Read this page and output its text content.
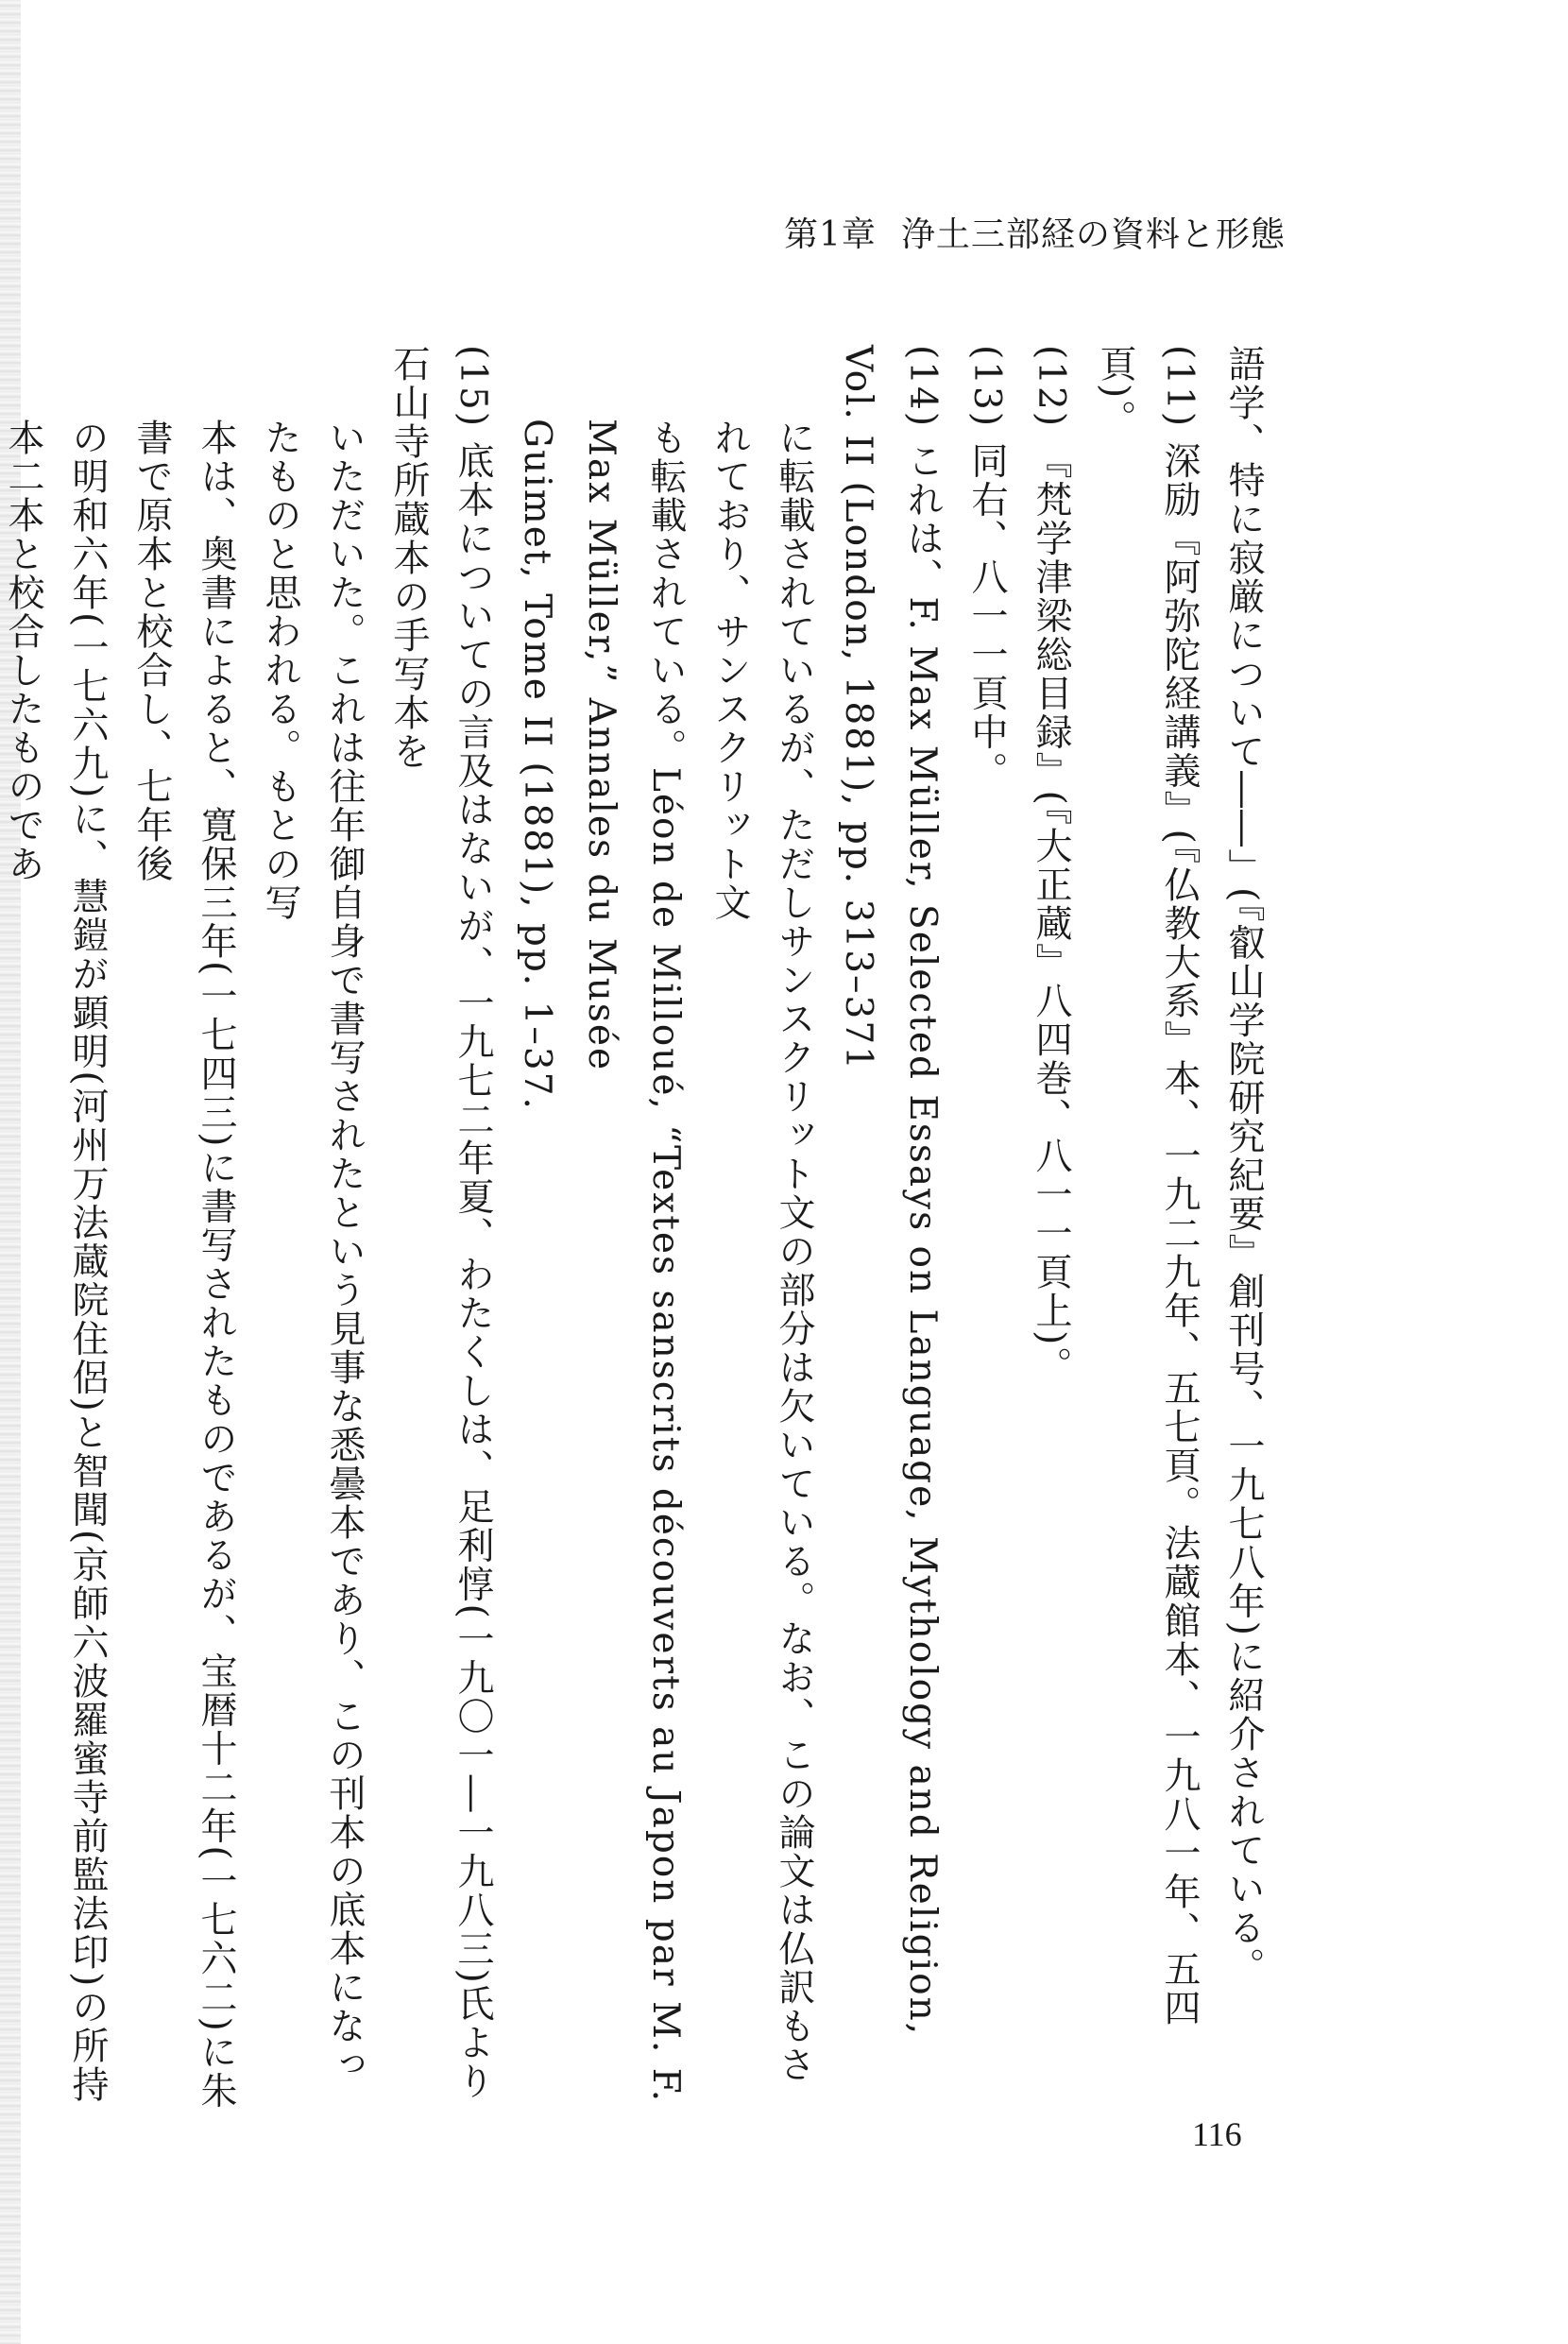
第1章 浄土三部経の資料と形態

語学、特に寂厳について――」(『叡山学院研究紀要』創刊号、一九七八年)に紹介されている。

(11) 深励『阿弥陀経講義』(『仏教大系』本、一九二九年、五七頁。法蔵館本、一九八一年、五四頁)。

(12) 『梵学津梁総目録』(『大正蔵』八四巻、八一一頁上)。

(13) 同右、八一一頁中。

(14) これは、F. Max Müller, Selected Essays on Language, Mythology and Religion, Vol. II (London, 1881), pp. 313–371

に転載されているが、ただしサンスクリット文の部分は欠いている。なお、この論文は仏訳もされており、サンスクリット文

も転載されている。Léon de Milloué, “Textes sanscrits découverts au Japon par M. F. Max Müller,” Annales du Musée

Guimet, Tome II (1881), pp. 1–37.

(15) 底本についての言及はないが、一九七二年夏、わたくしは、足利惇(一九〇一―一九八三)氏より石山寺所蔵本の手写本を

いただいた。これは往年御自身で書写されたという見事な悉曇本であり、この刊本の底本になったものと思われる。もとの写

本は、奥書によると、寛保三年(一七四三)に書写されたものであるが、宝暦十二年(一七六二)に朱書で原本と校合し、七年後

の明和六年(一七六九)に、慧鎧が顕明(河州万法蔵院住侶)と智聞(京師六波羅蜜寺前監法印)の所持本二本と校合したものであ

116
